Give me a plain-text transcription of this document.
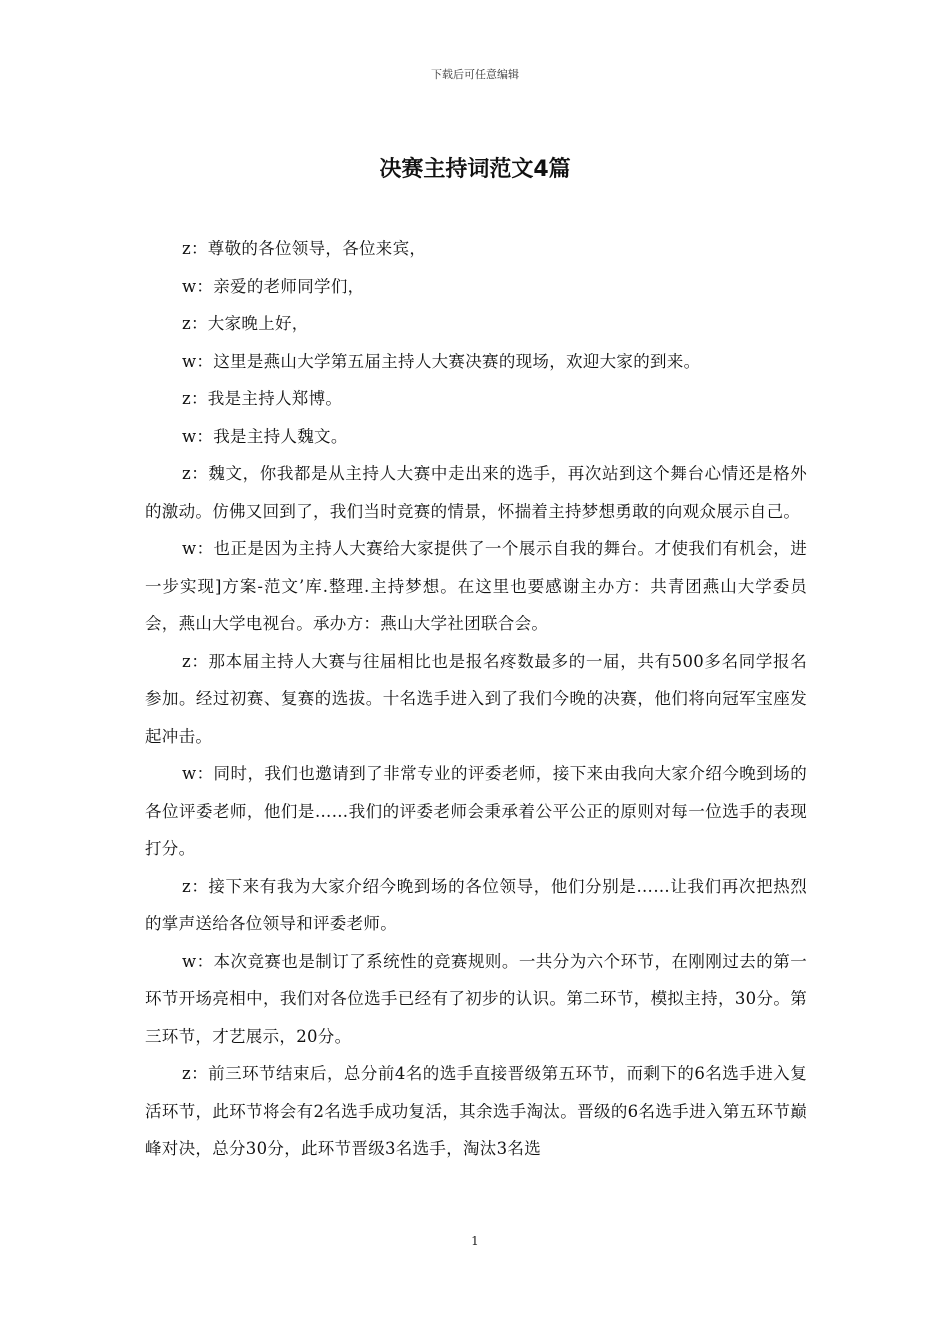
下载后可任意编辑
决赛主持词范文4篇

z：尊敬的各位领导，各位来宾，

w：亲爱的老师同学们，

z：大家晚上好，

w：这里是燕山大学第五届主持人大赛决赛的现场，欢迎大家的到来。

z：我是主持人郑博。

w：我是主持人魏文。

z：魏文，你我都是从主持人大赛中走出来的选手，再次站到这个舞台心情还是格外的激动。仿佛又回到了，我们当时竞赛的情景，怀揣着主持梦想勇敢的向观众展示自己。

w：也正是因为主持人大赛给大家提供了一个展示自我的舞台。才使我们有机会，进一步实现]方案-范文’库.整理.主持梦想。在这里也要感谢主办方：共青团燕山大学委员会，燕山大学电视台。承办方：燕山大学社团联合会。

z：那本届主持人大赛与往届相比也是报名疼数最多的一届，共有500多名同学报名参加。经过初赛、复赛的选拔。十名选手进入到了我们今晚的决赛，他们将向冠军宝座发起冲击。

w：同时，我们也邀请到了非常专业的评委老师，接下来由我向大家介绍今晚到场的各位评委老师，他们是……我们的评委老师会秉承着公平公正的原则对每一位选手的表现打分。

z：接下来有我为大家介绍今晚到场的各位领导，他们分别是……让我们再次把热烈的掌声送给各位领导和评委老师。

w：本次竞赛也是制订了系统性的竞赛规则。一共分为六个环节，在刚刚过去的第一环节开场亮相中，我们对各位选手已经有了初步的认识。第二环节，模拟主持，30分。第三环节，才艺展示，20分。

z：前三环节结束后，总分前4名的选手直接晋级第五环节，而剩下的6名选手进入复活环节，此环节将会有2名选手成功复活，其余选手淘汰。晋级的6名选手进入第五环节巅峰对决，总分30分，此环节晋级3名选手，淘汰3名选

1
